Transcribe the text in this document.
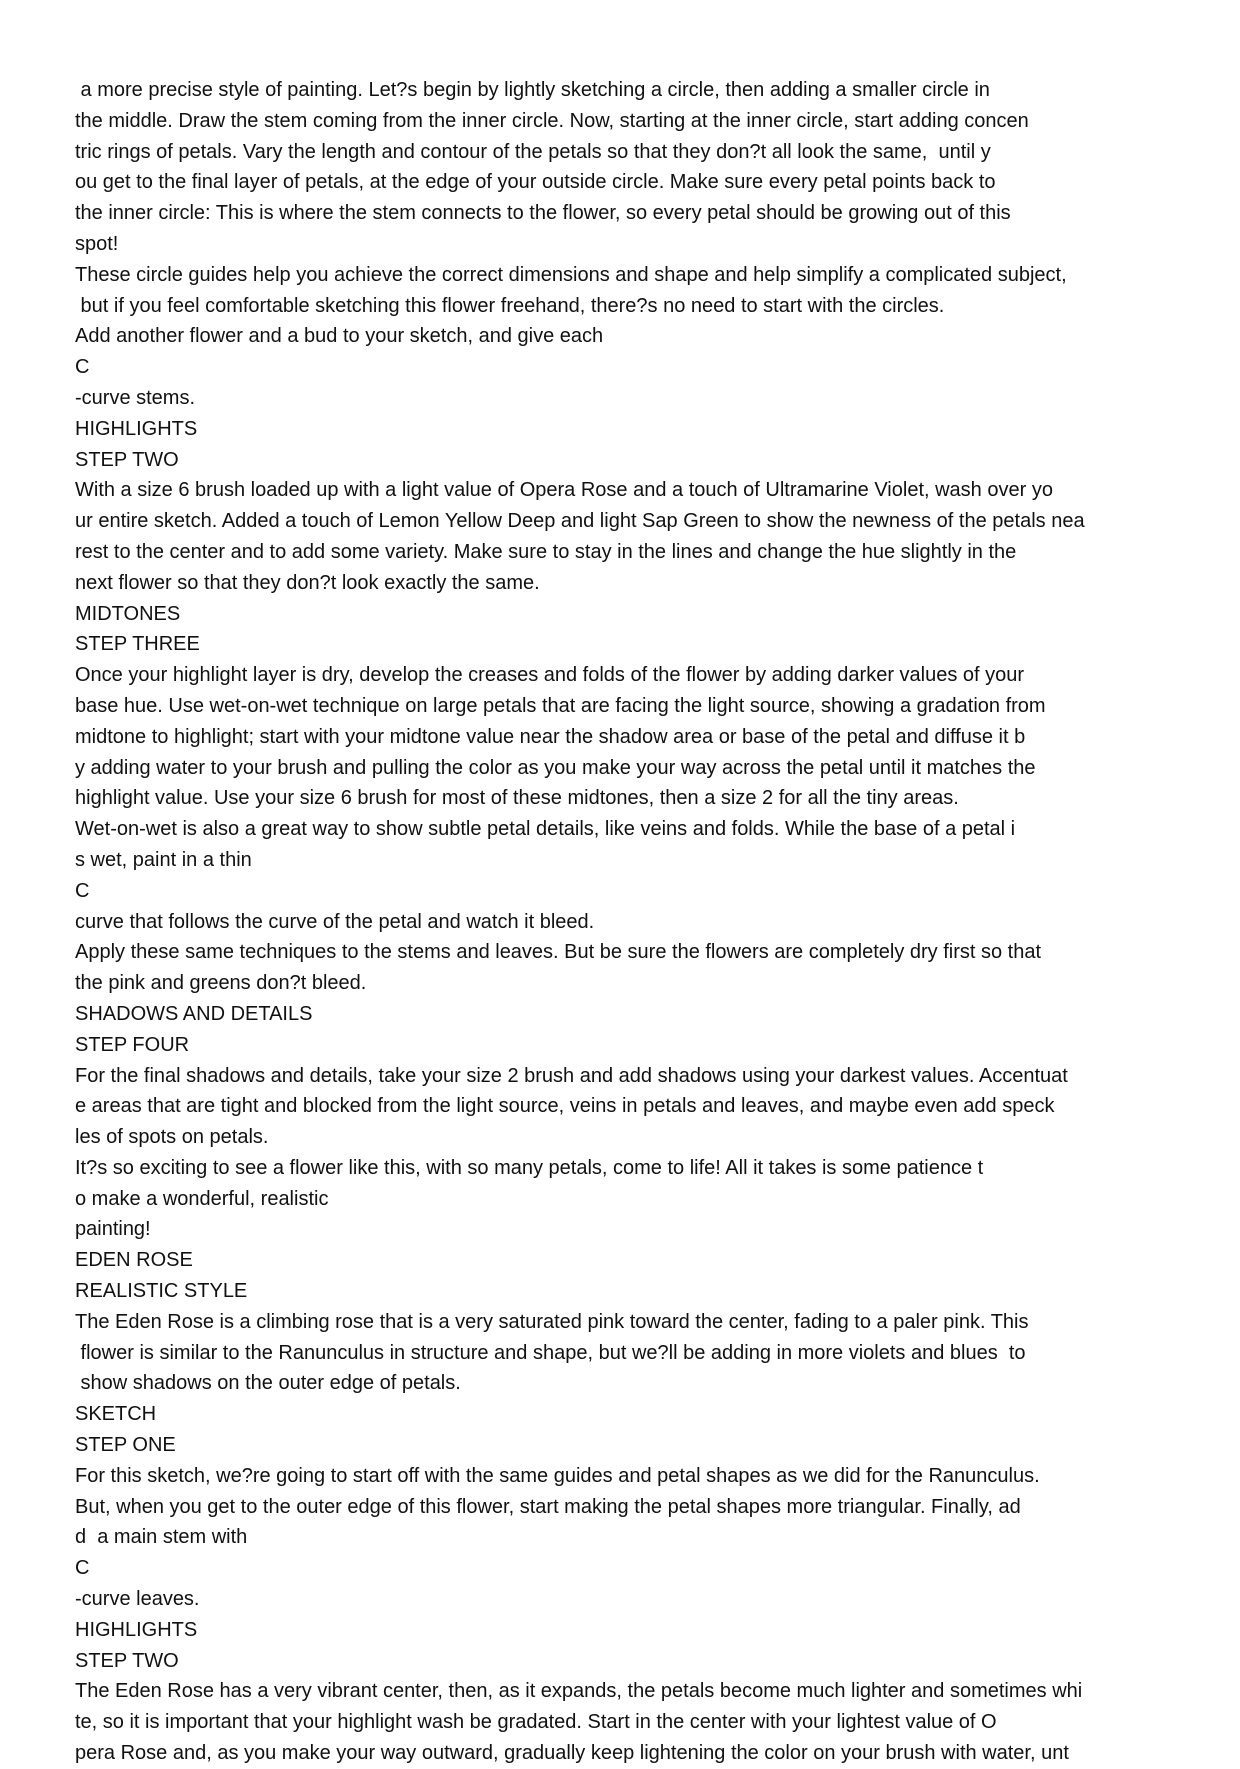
a more precise style of painting. Let?s begin by lightly sketching a circle, then adding a smaller circle in
the middle. Draw the stem coming from the inner circle. Now, starting at the inner circle, start adding concen
tric rings of petals. Vary the length and contour of the petals so that they don?t all look the same,  until y
ou get to the final layer of petals, at the edge of your outside circle. Make sure every petal points back to
the inner circle: This is where the stem connects to the flower, so every petal should be growing out of this
spot!
These circle guides help you achieve the correct dimensions and shape and help simplify a complicated subject,
but if you feel comfortable sketching this flower freehand, there?s no need to start with the circles.
Add another flower and a bud to your sketch, and give each
C
-curve stems.
HIGHLIGHTS
STEP TWO
With a size 6 brush loaded up with a light value of Opera Rose and a touch of Ultramarine Violet, wash over yo
ur entire sketch. Added a touch of Lemon Yellow Deep and light Sap Green to show the newness of the petals nea
rest to the center and to add some variety. Make sure to stay in the lines and change the hue slightly in the
next flower so that they don?t look exactly the same.
MIDTONES
STEP THREE
Once your highlight layer is dry, develop the creases and folds of the flower by adding darker values of your
base hue. Use wet-on-wet technique on large petals that are facing the light source, showing a gradation from
midtone to highlight; start with your midtone value near the shadow area or base of the petal and diffuse it b
y adding water to your brush and pulling the color as you make your way across the petal until it matches the
highlight value. Use your size 6 brush for most of these midtones, then a size 2 for all the tiny areas.
Wet-on-wet is also a great way to show subtle petal details, like veins and folds. While the base of a petal i
s wet, paint in a thin
C
curve that follows the curve of the petal and watch it bleed.
Apply these same techniques to the stems and leaves. But be sure the flowers are completely dry first so that
the pink and greens don?t bleed.
SHADOWS AND DETAILS
STEP FOUR
For the final shadows and details, take your size 2 brush and add shadows using your darkest values. Accentuat
e areas that are tight and blocked from the light source, veins in petals and leaves, and maybe even add speck
les of spots on petals.
It?s so exciting to see a flower like this, with so many petals, come to life! All it takes is some patience t
o make a wonderful, realistic
painting!
EDEN ROSE
REALISTIC STYLE
The Eden Rose is a climbing rose that is a very saturated pink toward the center, fading to a paler pink. This
flower is similar to the Ranunculus in structure and shape, but we?ll be adding in more violets and blues  to
show shadows on the outer edge of petals.
SKETCH
STEP ONE
For this sketch, we?re going to start off with the same guides and petal shapes as we did for the Ranunculus.
But, when you get to the outer edge of this flower, start making the petal shapes more triangular. Finally, ad
d  a main stem with
C
-curve leaves.
HIGHLIGHTS
STEP TWO
The Eden Rose has a very vibrant center, then, as it expands, the petals become much lighter and sometimes whi
te, so it is important that your highlight wash be gradated. Start in the center with your lightest value of O
pera Rose and, as you make your way outward, gradually keep lightening the color on your brush with water, unt
